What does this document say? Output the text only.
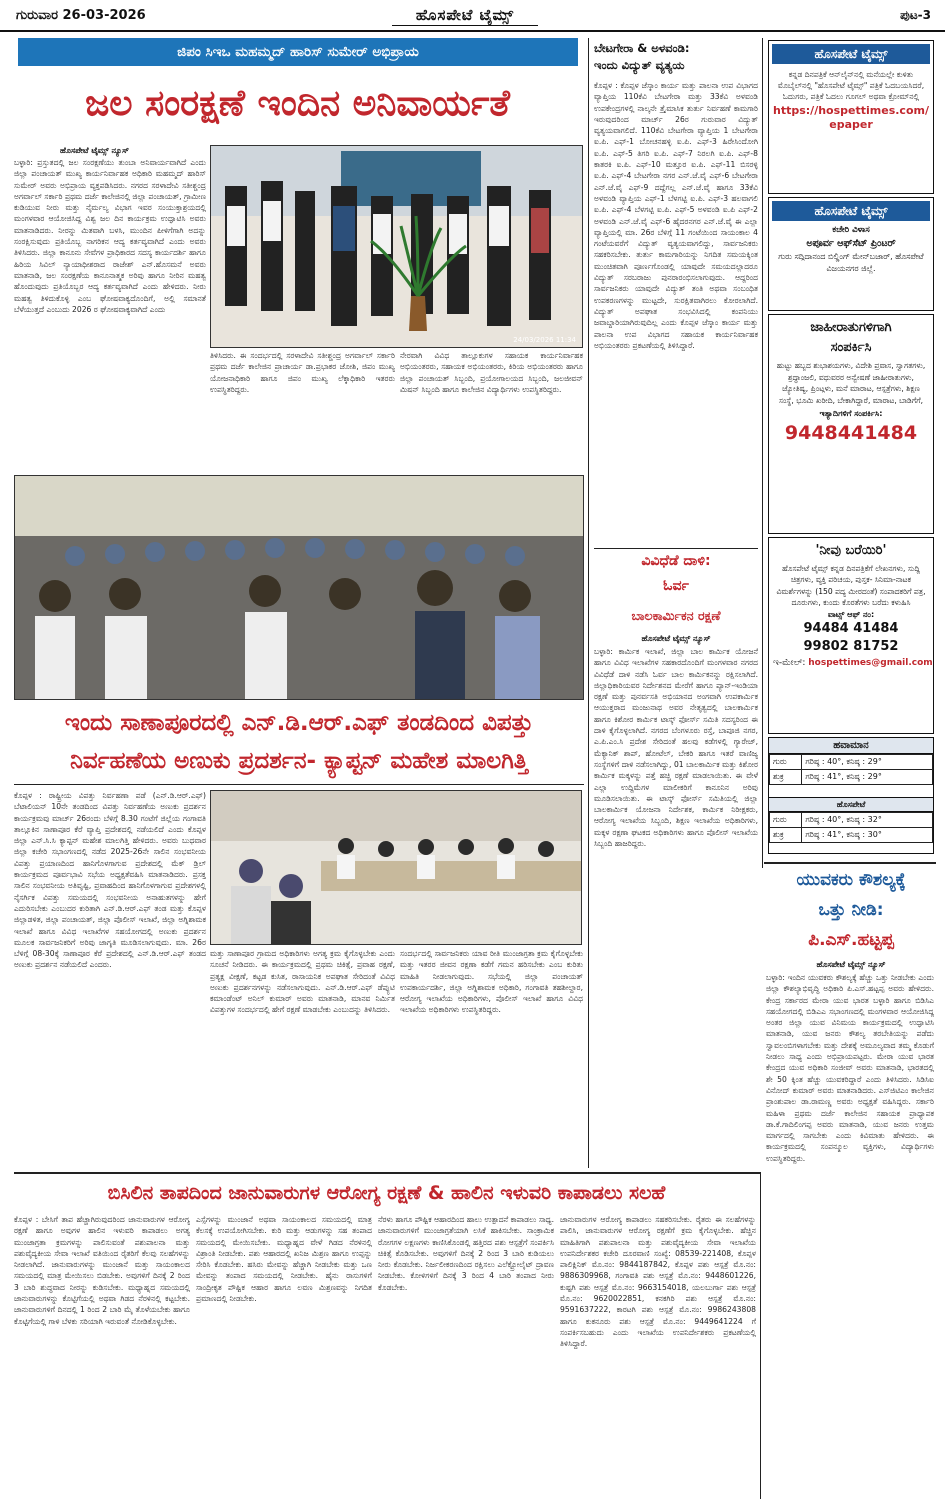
ಗುರುವಾರ 26-03-2026	ಹೊಸಪೇಟೆ ಟೈಮ್ಸ್	ಪುಟ-3
ಜಿಪಂ ಸಿಇಒ ಮಹಮ್ಮದ್ ಹಾರಿಸ್ ಸುಮೇರ್ ಅಭಿಪ್ರಾಯ
ಜಲ ಸಂರಕ್ಷಣೆ ಇಂದಿನ ಅನಿವಾರ್ಯತೆ
ಹೊಸಪೇಟೆ ಟೈಮ್ಸ್ ನ್ಯೂಸ್
ಬಳ್ಳಾರಿ: ಪ್ರಸ್ತುತದಲ್ಲಿ ಜಲ ಸಂರಕ್ಷಣೆಯು ತುಂಬಾ ಅನಿವಾರ್ಯವಾಗಿದೆ ಎಂದು ಜಿಲ್ಲಾ ಪಂಚಾಯತ್ ಮುಖ್ಯ ಕಾರ್ಯನಿರ್ವಾಹಕ ಅಧಿಕಾರಿ ಮಹಮ್ಮದ್ ಹಾರಿಸ್ ಸುಮೇರ್ ಅವರು ಅಭಿಪ್ರಾಯ ವ್ಯಕ್ತಪಡಿಸಿದರು. ನಗರದ ಸರಳಾದೇವಿ ಸತೀಶ್ಚಂದ್ರ ಅಗರ್ವಾಲ್ ಸರ್ಕಾರಿ ಪ್ರಥಮ ದರ್ಜೆ ಕಾಲೇಜಿನಲ್ಲಿ ಜಿಲ್ಲಾ ಪಂಚಾಯತ್, ಗ್ರಾಮೀಣ ಕುಡಿಯುವ ನೀರು ಮತ್ತು ನೈರ್ಮಲ್ಯ ವಿಭಾಗ ಇವರ ಸಂಯುಕ್ತಾಶ್ರಯದಲ್ಲಿ ಮಂಗಳವಾರ ಆಯೋಜಿಸಿದ್ದ ವಿಶ್ವ ಜಲ ದಿನ ಕಾರ್ಯಕ್ರಮ ಉದ್ಘಾಟಿಸಿ ಅವರು ಮಾತನಾಡಿದರು. ನೀರನ್ನು ಮಿತವಾಗಿ ಬಳಸಿ, ಮುಂದಿನ ಪೀಳಿಗೆಗಾಗಿ ಅದನ್ನು ಸಂರಕ್ಷಿಸುವುದು ಪ್ರತಿಯೊಬ್ಬ ನಾಗರಿಕನ ಆದ್ಯ ಕರ್ತವ್ಯವಾಗಿದೆ ಎಂದು ಅವರು ತಿಳಿಸಿದರು. ಜಿಲ್ಲಾ ಕಾನೂನು ಸೇವೆಗಳ ಪ್ರಾಧಿಕಾರದ ಸದಸ್ಯ ಕಾರ್ಯದರ್ಶಿ ಹಾಗೂ ಹಿರಿಯ ಸಿವಿಲ್ ನ್ಯಾಯಾಧೀಶರಾದ ರಾಜೇಶ್ ಎನ್.ಹೊಸಮನೆ ಅವರು ಮಾತನಾಡಿ, ಜಲ ಸಂರಕ್ಷಣೆಯ ಕಾನೂನಾತ್ಮಕ ಅರಿವು ಹಾಗೂ ನೀರಿನ ಮಹತ್ವ ಹೊಂದುವುದು ಪ್ರತಿಯೊಬ್ಬರ ಆದ್ಯ ಕರ್ತವ್ಯವಾಗಿದೆ ಎಂದು ಹೇಳಿದರು. ನೀರು ಮಹತ್ವ ತಿಳಿದುಕೊಳ್ಳಿ ಎಂಬ ಘೋಷವಾಕ್ಯದೊಂದಿಗೆ, ಅಲ್ಲಿ ಸಮಾನತೆ ಬೆಳೆಯುತ್ತದೆ ಎಂಬುದು 2026 ರ ಘೋಷವಾಕ್ಯವಾಗಿದೆ ಎಂದು
24/03/2026 11:34
ತಿಳಿಸಿದರು. ಈ ಸಂದರ್ಭದಲ್ಲಿ ಸರಳಾದೇವಿ ಸತೀಶ್ಚಂದ್ರ ಅಗರ್ವಾಲ್ ಸರ್ಕಾರಿ ಪ್ರಥಮ ದರ್ಜೆ ಕಾಲೇಜಿನ ಪ್ರಾಚಾರ್ಯ ಡಾ.ಪ್ರಭಾಕರ ಜೋಶಿ, ಜಿಪಂ ಮುಖ್ಯ ಯೋಜನಾಧಿಕಾರಿ ಹಾಗೂ ಜಿಪಂ ಮುಖ್ಯ ಲೆಕ್ಕಾಧಿಕಾರಿ ಇತರರು ಉಪಸ್ಥಿತರಿದ್ದರು.
ನೇರವಾಗಿ ವಿವಿಧ ತಾಲ್ಲೂಕುಗಳ ಸಹಾಯಕ ಕಾರ್ಯನಿರ್ವಾಹಕ ಅಭಿಯಂತರರು, ಸಹಾಯಕ ಅಭಿಯಂತರರು, ಕಿರಿಯ ಅಭಿಯಂತರರು ಹಾಗೂ ಜಿಲ್ಲಾ ಪಂಚಾಯತ್ ಸಿಬ್ಬಂದಿ, ಪ್ರಯೋಗಾಲಯದ ಸಿಬ್ಬಂದಿ, ಜಲಜೀವನ್ ಮಿಷನ್ ಸಿಬ್ಬಂದಿ ಹಾಗೂ ಕಾಲೇಜಿನ ವಿದ್ಯಾರ್ಥಿಗಳು ಉಪಸ್ಥಿತರಿದ್ದರು.
ಇಂದು ಸಾಣಾಪೂರದಲ್ಲಿ ಎನ್.ಡಿ.ಆರ್.ಎಫ್ ತಂಡದಿಂದ ವಿಪತ್ತು
ನಿರ್ವಹಣೆಯ ಅಣುಕು ಪ್ರದರ್ಶನ- ಕ್ಯಾಪ್ಟನ್ ಮಹೇಶ ಮಾಲಗಿತ್ತಿ
ಕೊಪ್ಪಳ : ರಾಷ್ಟ್ರೀಯ ವಿಪತ್ತು ನಿರ್ವಹಣಾ ಪಡೆ (ಎನ್.ಡಿ.ಆರ್.ಎಫ್) ಬೆಟಾಲಿಯನ್ 10ನೇ ತಂಡದಿಂದ ವಿಪತ್ತು ನಿರ್ವಹಣೆಯ ಅಣುಕು ಪ್ರದರ್ಶನ ಕಾರ್ಯಕ್ರಮವು ಮಾರ್ಚ್ 26ರಂದು ಬೆಳಿಗ್ಗೆ 8.30 ಗಂಟೆಗೆ ಜಿಲ್ಲೆಯ ಗಂಗಾವತಿ ತಾಲ್ಲೂಕಿನ ಸಾಣಾಪೂರ ಕೆರೆ ವ್ಯಾಪ್ತಿ ಪ್ರದೇಶದಲ್ಲಿ ನಡೆಯಲಿದೆ ಎಂದು ಕೊಪ್ಪಳ ಜಿಲ್ಲಾ ಎನ್.ಸಿ.ಸಿ ಕ್ಯಾಪ್ಟನ್ ಮಹೇಶ ಮಾಲಗಿತ್ತಿ ಹೇಳಿದರು. ಅವರು ಬುಧವಾರ ಜಿಲ್ಲಾ ಕಚೇರಿ ಸಭಾಂಗಣದಲ್ಲಿ ನಡೆದ 2025-26ನೇ ಸಾಲಿನ ಸಂಭವನೀಯ ವಿಪತ್ತು ಪ್ರಯಾಣದಿಂದ ಹಾನಿಗೊಳಗಾಗುವ ಪ್ರದೇಶದಲ್ಲಿ ಮೆಕ್ ಡ್ರಿಲ್ ಕಾರ್ಯಕ್ರಮದ ಪೂರ್ವಭಾವಿ ಸಭೆಯ ಅಧ್ಯಕ್ಷತೆವಹಿಸಿ ಮಾತನಾಡಿದರು. ಪ್ರಸಕ್ತ ಸಾಲಿನ ಸಂಭವನೀಯ ಅತಿವೃಷ್ಟಿ, ಪ್ರವಾಹದಿಂದ ಹಾನಿಗೊಳಗಾಗುವ ಪ್ರದೇಶಗಳಲ್ಲಿ ನೈಸರ್ಗಿಕ ವಿಪತ್ತು ಸಮಯದಲ್ಲಿ ಸಂಭವನೀಯ ಅನಾಹುತಗಳನ್ನು ಹೇಗೆ ಎದುರಿಸಬೇಕು ಎಂಬುದರ ಕುರಿತಾಗಿ ಎನ್.ಡಿ.ಆರ್.ಎಫ್ ತಂಡ ಮತ್ತು ಕೊಪ್ಪಳ ಜಿಲ್ಲಾಡಳಿತ, ಜಿಲ್ಲಾ ಪಂಚಾಯತ್, ಜಿಲ್ಲಾ ಪೊಲೀಸ್ ಇಲಾಖೆ, ಜಿಲ್ಲಾ ಅಗ್ನಿಶಾಮಕ ಇಲಾಖೆ ಹಾಗೂ ವಿವಿಧ ಇಲಾಖೆಗಳ ಸಹಯೋಗದಲ್ಲಿ ಅಣುಕು ಪ್ರದರ್ಶನ ಮೂಲಕ ಸಾರ್ವಜನಿಕರಿಗೆ ಅರಿವು ಜಾಗೃತಿ ಮೂಡಿಸಲಾಗುವುದು. ಮಾ. 26ರ ಬೆಳಿಗ್ಗೆ 08-30ಕ್ಕೆ ಸಾಣಾಪೂರ ಕೆರೆ ಪ್ರದೇಶದಲ್ಲಿ ಎನ್.ಡಿ.ಆರ್.ಎಫ್ ತಂಡದ ಅಣುಕು ಪ್ರದರ್ಶನ ನಡೆಯಲಿದೆ ಎಂದರು.
ಮತ್ತು ಸಾಣಾಪೂರ ಗ್ರಾಮದ ಅಧಿಕಾರಿಗಳು ಅಗತ್ಯ ಕ್ರಮ ಕೈಗೊಳ್ಳಬೇಕು ಎಂದು ಸೂಚನೆ ನೀಡಿದರು. ಈ ಕಾರ್ಯಕ್ರಮದಲ್ಲಿ ಪ್ರಥಮ ಚಿಕಿತ್ಸೆ, ಪ್ರವಾಹ ರಕ್ಷಣೆ, ಪ್ರತ್ಯಕ್ಷ ವೀಕ್ಷಣೆ, ಕಟ್ಟಡ ಕುಸಿತ, ರಾಸಾಯನಿಕ ಅಪಘಾತ ಸೇರಿದಂತೆ ವಿವಿಧ ಅಣುಕು ಪ್ರದರ್ಶನಗಳನ್ನು ನಡೆಸಲಾಗುವುದು. ಎನ್.ಡಿ.ಆರ್.ಎಫ್ ಡೆಪ್ಯುಟಿ ಕಮಾಂಡೆಂಟ್ ಅನಿಲ್ ಕುಮಾರ್ ಅವರು ಮಾತನಾಡಿ, ಮಾನವ ನಿರ್ಮಿತ ವಿಪತ್ತುಗಳ ಸಂದರ್ಭದಲ್ಲಿ ಹೇಗೆ ರಕ್ಷಣೆ ಮಾಡಬೇಕು ಎಂಬುದನ್ನು ತಿಳಿಸಿದರು.
ಸಂದರ್ಭದಲ್ಲಿ ಸಾರ್ವಜನಿಕರು ಯಾವ ರೀತಿ ಮುಂಜಾಗ್ರತಾ ಕ್ರಮ ಕೈಗೊಳ್ಳಬೇಕು ಮತ್ತು ಇತರರ ಜೀವನ ರಕ್ಷಣಾ ಕಡೆಗೆ ಗಮನ ಹರಿಸಬೇಕು ಎಂಬ ಕುರಿತು ಮಾಹಿತಿ ನೀಡಲಾಗುವುದು. ಸಭೆಯಲ್ಲಿ ಜಿಲ್ಲಾ ಪಂಚಾಯತ್ ಉಪಕಾರ್ಯದರ್ಶಿ, ಜಿಲ್ಲಾ ಅಗ್ನಿಶಾಮಕ ಅಧಿಕಾರಿ, ಗಂಗಾವತಿ ತಹಶೀಲ್ದಾರ, ಆರೋಗ್ಯ ಇಲಾಖೆಯ ಅಧಿಕಾರಿಗಳು, ಪೊಲೀಸ್ ಇಲಾಖೆ ಹಾಗೂ ವಿವಿಧ ಇಲಾಖೆಯ ಅಧಿಕಾರಿಗಳು ಉಪಸ್ಥಿತರಿದ್ದರು.
ಬೇಟಗೇರಾ & ಅಳವಂಡಿ:
ಇಂದು ವಿದ್ಯುತ್ ವ್ಯತ್ಯಯ
ಕೊಪ್ಪಳ : ಕೊಪ್ಪಳ ಜೆಸ್ಕಾಂ ಕಾರ್ಯ ಮತ್ತು ಪಾಲನಾ ಉಪ ವಿಭಾಗದ ವ್ಯಾಪ್ತಿಯ 110ಕೆವಿ ಬೇಟಗೇರಾ ಮತ್ತು 33ಕೆವಿ ಅಳವಂಡಿ ಉಪಕೇಂದ್ರಗಳಲ್ಲಿ ನಾಲ್ಕನೇ ತ್ರೈಮಾಸಿಕ ತುರ್ತು ನಿರ್ವಹಣೆ ಕಾಮಗಾರಿ ಇರುವುದರಿಂದ ಮಾರ್ಚ್ 26ರ ಗುರುವಾರ ವಿದ್ಯುತ್ ವ್ಯತ್ಯಯವಾಗಲಿದೆ. 110ಕೆವಿ ಬೇಟಗೇರಾ ವ್ಯಾಪ್ತಿಯ 1 ಬೇಟಗೇರಾ ಐ.ಪಿ. ಎಫ್-1 ಬೋಚನಹಳ್ಳಿ ಐ.ಪಿ. ಎಫ್-3 ಹಿರೇಸಿಂದೋಗಿ ಐ.ಪಿ. ಎಫ್-5 ತಿಗರಿ ಐ.ಪಿ. ಎಫ್-7 ನಿರಲಗಿ ಐ.ಪಿ. ಎಫ್-8 ಕಾತರಕಿ ಐ.ಪಿ. ಎಫ್-10 ಮತ್ತೂರ ಐ.ಪಿ. ಎಫ್-11 ಬಿಸರಳ್ಳಿ ಐ.ಪಿ. ಎಫ್-4 ಬೇಟಗೇರಾ ನಗರ ಎನ್.ಜೆ.ವೈ ಎಫ್-6 ಬೇಟಗೇರಾ ಎನ್.ಜೆ.ವೈ ಎಫ್-9 ದದ್ದೆಗಲ್ಲ ಎನ್.ಜೆ.ವೈ ಹಾಗೂ 33ಕೆವಿ ಅಳವಂಡಿ ವ್ಯಾಪ್ತಿಯ ಎಫ್-1 ಬೆಳಗಟ್ಟಿ ಐ.ಪಿ. ಎಫ್-3 ಹಲವಾಗಲಿ ಐ.ಪಿ. ಎಫ್-4 ಬೆಳಗಟ್ಟಿ ಐ.ಪಿ. ಎಫ್-5 ಅಳವಂಡಿ ಐ.ಪಿ ಎಫ್-2 ಅಳವಂಡಿ ಎನ್.ಜೆ.ವೈ ಎಫ್-6 ಹೈದರನಗರ ಎನ್.ಜೆ.ವೈ ಈ ಎಲ್ಲಾ ವ್ಯಾಪ್ತಿಯಲ್ಲಿ ಮಾ. 26ರ ಬೆಳಿಗ್ಗೆ 11 ಗಂಟೆಯಿಂದ ಸಾಯಂಕಾಲ 4 ಗಂಟೆಯವರೆಗೆ ವಿದ್ಯುತ್ ವ್ಯತ್ಯಯವಾಗಲಿದ್ದು, ಸಾರ್ವಜನಿಕರು ಸಹಕರಿಸಬೇಕು. ತುರ್ತು ಕಾಮಗಾರಿಯನ್ನು ನಿಗದಿತ ಸಮಯಕ್ಕಿಂತ ಮುಂಚಿತವಾಗಿ ಪೂರ್ಣಗೊಂಡಲ್ಲಿ ಯಾವುದೇ ಸಮಯದಲ್ಲಾದರೂ ವಿದ್ಯುತ್ ಸರಬರಾಜು ಪುನರಾರಂಭಿಸಲಾಗುವುದು. ಆದ್ದರಿಂದ ಸಾರ್ವಜನಿಕರು ಯಾವುದೇ ವಿದ್ಯುತ್ ತಂತಿ ಅಥವಾ ಸಂಬಂಧಿತ ಉಪಕರಣಗಳನ್ನು ಮುಟ್ಟದೇ, ಸುರಕ್ಷಿತವಾಗಿರಲು ಕೋರಲಾಗಿದೆ. ವಿದ್ಯುತ್ ಅಪಘಾತ ಸಂಭವಿಸಿದಲ್ಲಿ ಕಂಪನಿಯು ಜವಾಬ್ದಾರಿಯಾಗಿರುವುದಿಲ್ಲ ಎಂದು ಕೊಪ್ಪಳ ಜೆಸ್ಕಾಂ ಕಾರ್ಯ ಮತ್ತು ಪಾಲನಾ ಉಪ ವಿಭಾಗದ ಸಹಾಯಕ ಕಾರ್ಯನಿರ್ವಾಹಕ ಅಭಿಯಂತರರು ಪ್ರಕಟಣೆಯಲ್ಲಿ ತಿಳಿಸಿದ್ದಾರೆ.
ವಿವಿಧೆಡೆ ದಾಳಿ:
ಓರ್ವ
ಬಾಲಕಾರ್ಮಿಕನ ರಕ್ಷಣೆ
ಹೊಸಪೇಟೆ ಟೈಮ್ಸ್ ನ್ಯೂಸ್
ಬಳ್ಳಾರಿ: ಕಾರ್ಮಿಕ ಇಲಾಖೆ, ಜಿಲ್ಲಾ ಬಾಲ ಕಾರ್ಮಿಕ ಯೋಜನೆ ಹಾಗೂ ವಿವಿಧ ಇಲಾಖೆಗಳ ಸಹಕಾರದೊಂದಿಗೆ ಮಂಗಳವಾರ ನಗರದ ವಿವಿಧೆಡೆ ದಾಳಿ ನಡೆಸಿ ಓರ್ವ ಬಾಲ ಕಾರ್ಮಿಕನನ್ನು ರಕ್ಷಿಸಲಾಗಿದೆ. ಜಿಲ್ಲಾಧಿಕಾರಿಯವರ ನಿರ್ದೇಶನದ ಮೇರೆಗೆ ಹಾಗೂ ಪ್ಯಾನ್-ಇಂಡಿಯಾ ರಕ್ಷಣೆ ಮತ್ತು ಪುನರ್ವಸತಿ ಅಭಿಯಾನದ ಅಂಗವಾಗಿ ಉಪಕಾರ್ಮಿಕ ಆಯುಕ್ತರಾದ ಮಂಜುನಾಥ ಅವರ ನೇತೃತ್ವದಲ್ಲಿ ಬಾಲಕಾರ್ಮಿಕ ಹಾಗೂ ಕಿಶೋರ ಕಾರ್ಮಿಕ ಟಾಸ್ಕ್ ಫೋರ್ಸ್ ಸಮಿತಿ ಸದಸ್ಯರಿಂದ ಈ ದಾಳಿ ಕೈಗೊಳ್ಳಲಾಗಿದೆ. ನಗರದ ಬೆಂಗಳೂರು ರಸ್ತೆ, ಬಾಪೂಜಿ ನಗರ, ಎ.ಪಿ.ಎಂ.ಸಿ ಪ್ರದೇಶ ಸೇರಿದಂತೆ ಹಲವು ಕಡೆಗಳಲ್ಲಿ ಗ್ಯಾರೇಜ್, ಮೆಕ್ಯಾನಿಕ್ ಶಾಪ್, ಹೋಟೆಲ್, ಬೇಕರಿ ಹಾಗೂ ಇತರೆ ವಾಣಿಜ್ಯ ಸಂಸ್ಥೆಗಳಿಗೆ ದಾಳಿ ನಡೆಸಲಾಗಿದ್ದು, 01 ಬಾಲಕಾರ್ಮಿಕ ಮತ್ತು ಕಿಶೋರ ಕಾರ್ಮಿಕ ಮಕ್ಕಳನ್ನು ಪತ್ತೆ ಹಚ್ಚಿ ರಕ್ಷಣೆ ಮಾಡಲಾಯಿತು. ಈ ವೇಳೆ ಎಲ್ಲಾ ಉದ್ದಿಮೆಗಳ ಮಾಲೀಕರಿಗೆ ಕಾನೂನಿನ ಅರಿವು ಮೂಡಿಸಲಾಯಿತು. ಈ ಟಾಸ್ಕ್ ಫೋರ್ಸ್ ಸಮಿತಿಯಲ್ಲಿ ಜಿಲ್ಲಾ ಬಾಲಕಾರ್ಮಿಕ ಯೋಜನಾ ನಿರ್ದೇಶಕ, ಕಾರ್ಮಿಕ ನಿರೀಕ್ಷಕರು, ಆರೋಗ್ಯ ಇಲಾಖೆಯ ಸಿಬ್ಬಂದಿ, ಶಿಕ್ಷಣ ಇಲಾಖೆಯ ಅಧಿಕಾರಿಗಳು, ಮಕ್ಕಳ ರಕ್ಷಣಾ ಘಟಕದ ಅಧಿಕಾರಿಗಳು ಹಾಗೂ ಪೊಲೀಸ್ ಇಲಾಖೆಯ ಸಿಬ್ಬಂದಿ ಹಾಜರಿದ್ದರು.
ಹೊಸಪೇಟೆ ಟೈಮ್ಸ್
ಕನ್ನಡ ದಿನಪತ್ರಿಕೆ ಆನ್‌ಲೈನ್‌ನಲ್ಲಿ ಮನೆಯಲ್ಲೇ ಕುಳಿತು ಮೊಬೈಲ್‌ನಲ್ಲಿ "ಹೊಸಪೇಟೆ ಟೈಮ್ಸ್" ಪತ್ರಿಕೆ ಓದಬಯಸಿದರೆ, ಓದುಗರು, ಪತ್ರಿಕೆ ಓದಲು ಗೂಗಲ್ ಅಥವಾ ಕ್ರೋಮ್‌ನಲ್ಲಿ
https://hospettimes.com/
epaper
ಹೊಸಪೇಟೆ ಟೈಮ್ಸ್
ಕಚೇರಿ ವಿಳಾಸ
ಅಪೂರ್ವ ಆಫ್‌ಸೆಟ್ ಪ್ರಿಂಟರ್
ಗುರು ಸದ್ಗಿದಾನಂದ ಬಿಲ್ಡಿಂಗ್ ಮೇನ್‌ಬಜಾರ್, ಹೊಸಪೇಟೆ
ವಿಜಯನಗರ ಜಿಲ್ಲೆ.
ಜಾಹೀರಾತುಗಳಿಗಾಗಿ
ಸಂಪರ್ಕಿಸಿ
ಹುಟ್ಟು ಹಬ್ಬದ ಶುಭಾಶಯಗಳು, ವಿದೇಶಿ ಪ್ರವಾಸ, ಸ್ವಾಗತಗಳು, ಶ್ರದ್ಧಾಂಜಲಿ, ವಧುವರರ ಅನ್ವೇಷಣೆ ಜಾಹೀರಾತುಗಳು, ಜ್ಯೋತಿಷ್ಯ, ಪ್ರಿಂಟ್ಗಳು, ಮನೆ ಮಾರಾಟ, ಆಸ್ಪತ್ರೆಗಳು, ಶಿಕ್ಷಣ ಸಂಸ್ಥೆ, ಭೂಮಿ ಖರೀದಿ, ಬೇಕಾಗಿದ್ದಾರೆ, ಮಾರಾಟ, ಬಾಡಿಗೆಗೆ,
ಇತ್ಯಾದಿಗಳಿಗೆ ಸಂಪರ್ಕಿಸಿ:
9448441484
'ನೀವು ಬರೆಯಿರಿ'
ಹೊಸಪೇಟೆ ಟೈಮ್ಸ್ ಕನ್ನಡ ದಿನಪತ್ರಿಕೆಗೆ ಲೇಖನಗಳು, ಸುದ್ದಿ ಚಿತ್ರಗಳು, ವ್ಯಕ್ತಿ ಪರಿಚಯ, ಪುಸ್ತಕ- ಸಿನಿಮಾ-ನಾಟಕ ವಿಮರ್ಶೆಗಳನ್ನು (150 ಪದ್ಯ ಮೀರದಂತೆ) ಸಂಪಾದಕರಿಗೆ ಪತ್ರ, ದೂರುಗಳು, ಕುಂದು ಕೊರತೆಗಳು ಬರೆದು ಕಳುಹಿಸಿ
ವಾಟ್ಸ್ ಆಫ್ ನಂ:
94484 41484
99802 81752
ಇ-ಮೇಲ್: hospettimes@gmail.com
ಹವಾಮಾನ
ಗುರು	ಗರಿಷ್ಠ : 40°, ಕನಿಷ್ಠ : 29°
ಶುಕ್ರ	ಗರಿಷ್ಠ : 41°, ಕನಿಷ್ಠ : 29°
ಹೊಸಪೇಟೆ
ಗುರು	ಗರಿಷ್ಠ : 40°, ಕನಿಷ್ಠ : 32°
ಶುಕ್ರ	ಗರಿಷ್ಠ : 41°, ಕನಿಷ್ಠ : 30°
ಯುವಕರು ಕೌಶಲ್ಯಕ್ಕೆ
ಒತ್ತು ನೀಡಿ:
ಪಿ.ಎಸ್.ಹಟ್ಟಪ್ಪ
ಹೊಸಪೇಟೆ ಟೈಮ್ಸ್ ನ್ಯೂಸ್
ಬಳ್ಳಾರಿ: ಇಂದಿನ ಯುವಕರು ಕೌಶಲ್ಯಕ್ಕೆ ಹೆಚ್ಚು ಒತ್ತು ನೀಡಬೇಕು ಎಂದು ಜಿಲ್ಲಾ ಕೌಶಲ್ಯಾಭಿವೃದ್ಧಿ ಅಧಿಕಾರಿ ಪಿ.ಎಸ್.ಹಟ್ಟಪ್ಪ ಅವರು ಹೇಳಿದರು. ಕೇಂದ್ರ ಸರ್ಕಾರದ ಮೇರಾ ಯುವ ಭಾರತ ಬಳ್ಳಾರಿ ಹಾಗೂ ಬಿಡಿಸಿಎ ಸಹಯೋಗದಲ್ಲಿ ಬಿಡಿಎಎ ಸಭಾಂಗಣದಲ್ಲಿ ಮಂಗಳವಾರ ಆಯೋಜಿಸಿದ್ದ ಅಂತರ ಜಿಲ್ಲಾ ಯುವ ವಿನಿಮಯ ಕಾರ್ಯಕ್ರಮದಲ್ಲಿ ಉದ್ಘಾಟಿಸಿ ಮಾತನಾಡಿ, ಯುವ ಜನರು ಕೌಶಲ್ಯ ತರಬೇತಿಯನ್ನು ಪಡೆದು ಸ್ವಾವಲಂಬಿಗಳಾಗಬೇಕು ಮತ್ತು ದೇಶಕ್ಕೆ ಅಮೂಲ್ಯವಾದ ತಮ್ಮ ಕೊಡುಗೆ ನೀಡಲು ಸಾಧ್ಯ ಎಂದು ಅಭಿಪ್ರಾಯಪಟ್ಟರು. ಮೇರಾ ಯುವ ಭಾರತ ಕೇಂದ್ರದ ಯುವ ಅಧಿಕಾರಿ ಸಂಜೀವ್ ಅವರು ಮಾತನಾಡಿ, ಭಾರತದಲ್ಲಿ ಶೇ 50 ಕ್ಕಿಂತ ಹೆಚ್ಚು ಯುವಕರಿದ್ದಾರೆ ಎಂದು ತಿಳಿಸಿದರು. ಸಿಡಿಸಿಐ ವಿನೋದ್ ಕುಮಾರ್ ಅವರು ಮಾತನಾಡಿದರು. ಎಸ್‌ಜಿಟಿಎಂ ಕಾಲೇಜಿನ ಪ್ರಾಂಶುಪಾಲ ಡಾ.ರಾಮಣ್ಣ ಅವರು ಅಧ್ಯಕ್ಷತೆ ವಹಿಸಿದ್ದರು. ಸರ್ಕಾರಿ ಮಹಿಳಾ ಪ್ರಥಮ ದರ್ಜೆ ಕಾಲೇಜಿನ ಸಹಾಯಕ ಪ್ರಾಧ್ಯಾಪಕ ಡಾ.ಕೆ.ಗಾದಿಲಿಂಗಪ್ಪ ಅವರು ಮಾತನಾಡಿ, ಯುವ ಜನರು ಉತ್ತಮ ಮಾರ್ಗದಲ್ಲಿ ಸಾಗಬೇಕು ಎಂದು ಕಿವಿಮಾತು ಹೇಳಿದರು. ಈ ಕಾರ್ಯಕ್ರಮದಲ್ಲಿ ಸಂಪನ್ಮೂಲ ವ್ಯಕ್ತಿಗಳು, ವಿದ್ಯಾರ್ಥಿಗಳು ಉಪಸ್ಥಿತರಿದ್ದರು.
ಬಿಸಿಲಿನ ತಾಪದಿಂದ ಜಾನುವಾರುಗಳ ಆರೋಗ್ಯ ರಕ್ಷಣೆ & ಹಾಲಿನ ಇಳುವರಿ ಕಾಪಾಡಲು ಸಲಹೆ
ಕೊಪ್ಪಳ : ಬೇಸಿಗೆ ತಾಪ ಹೆಚ್ಚಾಗಿರುವುದರಿಂದ ಜಾನುವಾರುಗಳ ಆರೋಗ್ಯ ರಕ್ಷಣೆ ಹಾಗೂ ಅವುಗಳ ಹಾಲಿನ ಇಳುವರಿ ಕಾಪಾಡಲು ಅಗತ್ಯ ಮುಂಜಾಗ್ರತಾ ಕ್ರಮಗಳನ್ನು ಪಾಲಿಸುವಂತೆ ಪಶುಪಾಲನಾ ಮತ್ತು ಪಶುವೈದ್ಯಕೀಯ ಸೇವಾ ಇಲಾಖೆ ವತಿಯಿಂದ ರೈತರಿಗೆ ಕೆಲವು ಸಲಹೆಗಳನ್ನು ನೀಡಲಾಗಿದೆ. ಜಾನುವಾರುಗಳನ್ನು ಮುಂಜಾನೆ ಮತ್ತು ಸಾಯಂಕಾಲದ ಸಮಯದಲ್ಲಿ ಮಾತ್ರ ಮೇಯಿಸಲು ಬಿಡಬೇಕು. ಅವುಗಳಿಗೆ ದಿನಕ್ಕೆ 2 ರಿಂದ 3 ಬಾರಿ ಶುದ್ಧವಾದ ನೀರನ್ನು ಕುಡಿಸಬೇಕು. ಮಧ್ಯಾಹ್ನದ ಸಮಯದಲ್ಲಿ ಜಾನುವಾರುಗಳನ್ನು ಕೊಟ್ಟಿಗೆಯಲ್ಲಿ ಅಥವಾ ಗಿಡದ ನೆರಳಿನಲ್ಲಿ ಕಟ್ಟಬೇಕು. ಜಾನುವಾರುಗಳಿಗೆ ದಿನದಲ್ಲಿ 1 ರಿಂದ 2 ಬಾರಿ ಮೈ ತೊಳೆಯಬೇಕು ಹಾಗೂ ಕೊಟ್ಟಿಗೆಯಲ್ಲಿ ಗಾಳಿ ಬೆಳಕು ಸರಿಯಾಗಿ ಇರುವಂತೆ ನೋಡಿಕೊಳ್ಳಬೇಕು.
ಎಸ್ಸೆಗಳನ್ನು ಮುಂಜಾನೆ ಅಥವಾ ಸಾಯಂಕಾಲದ ಸಮಯದಲ್ಲಿ ಮಾತ್ರ ಕೆಲಸಕ್ಕೆ ಉಪಯೋಗಿಸಬೇಕು. ಕುರಿ ಮತ್ತು ಆಡುಗಳನ್ನು ಸಹ ತಂಪಾದ ಸಮಯದಲ್ಲಿ ಮೇಯಿಸಬೇಕು. ಮಧ್ಯಾಹ್ನದ ವೇಳೆ ಗಿಡದ ನೆರಳಿನಲ್ಲಿ ವಿಶ್ರಾಂತಿ ನೀಡಬೇಕು. ಪಶು ಆಹಾರದಲ್ಲಿ ಖನಿಜ ಮಿಶ್ರಣ ಹಾಗೂ ಉಪ್ಪನ್ನು ಸೇರಿಸಿ ಕೊಡಬೇಕು. ಹಸಿರು ಮೇವನ್ನು ಹೆಚ್ಚಾಗಿ ನೀಡಬೇಕು ಮತ್ತು ಒಣ ಮೇವನ್ನು ತಂಪಾದ ಸಮಯದಲ್ಲಿ ನೀಡಬೇಕು. ಹೈನು ರಾಸುಗಳಿಗೆ ಸಾಂದ್ರೀಕೃತ ಪೌಷ್ಟಿಕ ಆಹಾರ ಹಾಗೂ ಲವಣ ಮಿಶ್ರಣವನ್ನು ನಿಗದಿತ ಪ್ರಮಾಣದಲ್ಲಿ ನೀಡಬೇಕು.
ನೆರಳು ಹಾಗೂ ಪೌಷ್ಟಿಕ ಆಹಾರದಿಂದ ಹಾಲು ಉತ್ಪಾದನೆ ಕಾಪಾಡಲು ಸಾಧ್ಯ. ಜಾನುವಾರುಗಳಿಗೆ ಮುಂಜಾಗ್ರತೆಯಾಗಿ ಲಸಿಕೆ ಹಾಕಿಸಬೇಕು. ಸಾಂಕ್ರಾಮಿಕ ರೋಗಗಳ ಲಕ್ಷಣಗಳು ಕಾಣಿಸಿಕೊಂಡಲ್ಲಿ ಹತ್ತಿರದ ಪಶು ಆಸ್ಪತ್ರೆಗೆ ಸಂಪರ್ಕಿಸಿ ಚಿಕಿತ್ಸೆ ಕೊಡಿಸಬೇಕು. ಅವುಗಳಿಗೆ ದಿನಕ್ಕೆ 2 ರಿಂದ 3 ಬಾರಿ ಕುಡಿಯಲು ನೀರು ಕೊಡಬೇಕು. ನಿರ್ಜಲೀಕರಣದಿಂದ ರಕ್ಷಿಸಲು ಎಲೆಕ್ಟ್ರೋಲೈಟ್ ದ್ರಾವಣ ನೀಡಬೇಕು. ಕೋಳಿಗಳಿಗೆ ದಿನಕ್ಕೆ 3 ರಿಂದ 4 ಬಾರಿ ತಂಪಾದ ನೀರು ಕೊಡಬೇಕು.
ಜಾನುವಾರುಗಳ ಆರೋಗ್ಯ ಕಾಪಾಡಲು ಸಹಕರಿಸಬೇಕು. ರೈತರು ಈ ಸಲಹೆಗಳನ್ನು ಪಾಲಿಸಿ, ಜಾನುವಾರುಗಳ ಆರೋಗ್ಯ ರಕ್ಷಣೆಗೆ ಕ್ರಮ ಕೈಗೊಳ್ಳಬೇಕು. ಹೆಚ್ಚಿನ ಮಾಹಿತಿಗಾಗಿ ಪಶುಪಾಲನಾ ಮತ್ತು ಪಶುವೈದ್ಯಕೀಯ ಸೇವಾ ಇಲಾಖೆಯ ಉಪನಿರ್ದೇಶಕರ ಕಚೇರಿ ದೂರವಾಣಿ ಸಂಖ್ಯೆ: 08539-221408, ಕೊಪ್ಪಳ ಪಾಲಿಕ್ಲಿನಿಕ್ ಮೊ.ನಂ: 9844187842, ಕೊಪ್ಪಳ ಪಶು ಆಸ್ಪತ್ರೆ ಮೊ.ನಂ: 9886309968, ಗಂಗಾವತಿ ಪಶು ಆಸ್ಪತ್ರೆ ಮೊ.ನಂ: 9448601226, ಕುಷ್ಟಗಿ ಪಶು ಆಸ್ಪತ್ರೆ ಮೊ.ನಂ: 9663154018, ಯಲಬುರ್ಗಾ ಪಶು ಆಸ್ಪತ್ರೆ ಮೊ.ನಂ: 9620022851, ಕನಕಗಿರಿ ಪಶು ಆಸ್ಪತ್ರೆ ಮೊ.ನಂ: 9591637222, ಕಾರಟಗಿ ಪಶು ಆಸ್ಪತ್ರೆ ಮೊ.ನಂ: 9986243808 ಹಾಗೂ ಕುಕನೂರು ಪಶು ಆಸ್ಪತ್ರೆ ಮೊ.ನಂ: 9449641224 ಗೆ ಸಂಪರ್ಕಿಸಬಹುದು ಎಂದು ಇಲಾಖೆಯ ಉಪನಿರ್ದೇಶಕರು ಪ್ರಕಟಣೆಯಲ್ಲಿ ತಿಳಿಸಿದ್ದಾರೆ.
